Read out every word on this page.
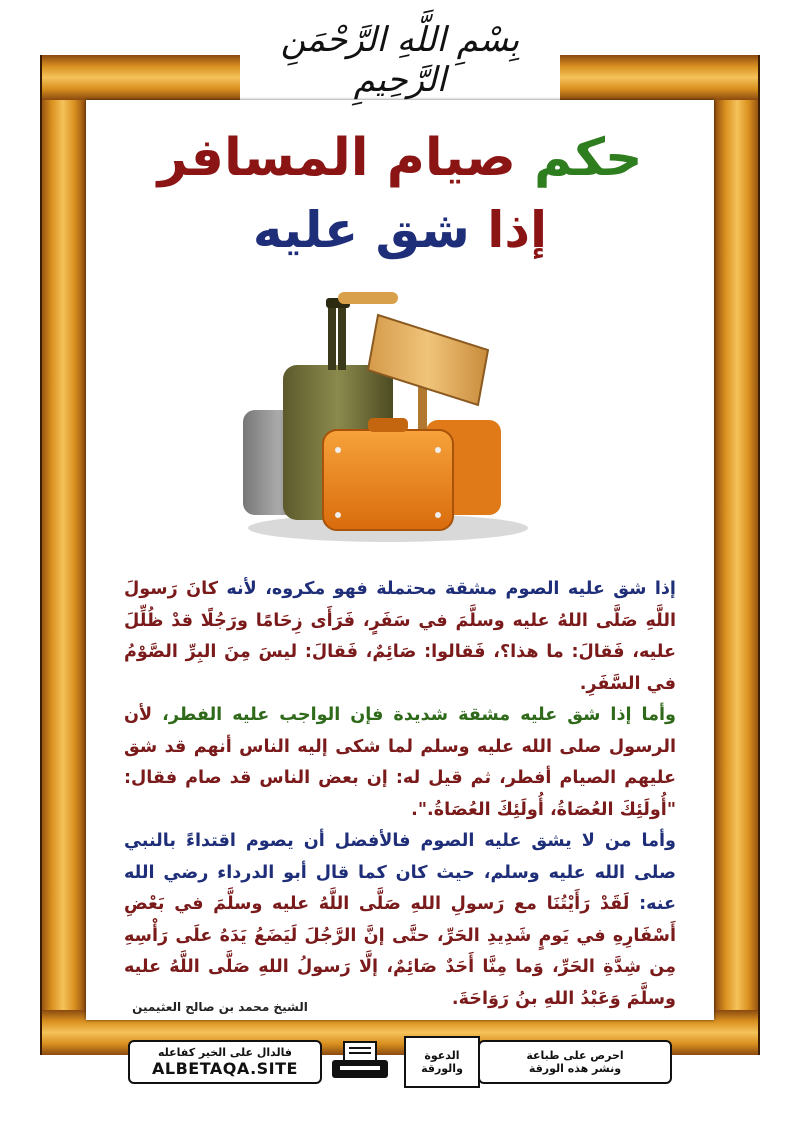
بِسْمِ اللَّهِ الرَّحْمَنِ الرَّحِيمِ
حكم صيام المسافر
إذا شق عليه
إذا شق عليه الصوم مشقة محتملة فهو مكروه، لأنه كانَ رَسولَ اللَّهِ صَلَّى اللهُ عليه وسلَّمَ في سَفَرٍ، فَرَأَى زِحَامًا ورَجُلًا قدْ ظُلِّلَ عليه، فَقالَ: ما هذا؟، فَقالوا: صَائِمٌ، فَقالَ: ليسَ مِنَ البِرِّ الصَّوْمُ في السَّفَرِ.
وأما إذا شق عليه مشقة شديدة فإن الواجب عليه الفطر، لأن الرسول صلى الله عليه وسلم لما شكى إليه الناس أنهم قد شق عليهم الصيام أفطر، ثم قيل له: إن بعض الناس قد صام فقال: "أُولَئِكَ العُصَاةُ، أُولَئِكَ العُصَاةُ.".
وأما من لا يشق عليه الصوم فالأفضل أن يصوم اقتداءً بالنبي صلى الله عليه وسلم، حيث كان كما قال أبو الدرداء رضي الله عنه: لَقَدْ رَأَيْتُنَا مع رَسولِ اللهِ صَلَّى اللَّهُ عليه وسلَّمَ في بَعْضِ أَسْفَارِهِ في يَومٍ شَدِيدِ الحَرِّ، حتَّى إنَّ الرَّجُلَ لَيَضَعُ يَدَهُ علَى رَأْسِهِ مِن شِدَّةِ الحَرِّ، وَما مِنَّا أَحَدٌ صَائِمٌ، إلَّا رَسولُ اللهِ صَلَّى اللَّهُ عليه وسلَّمَ وَعَبْدُ اللهِ بنُ رَوَاحَةَ.
الشيخ محمد بن صالح العثيمين
فالدال على الخير كفاعله
ALBETAQA.SITE
الدعوة والورقة
احرص على طباعة
ونشر هذه الورقة
